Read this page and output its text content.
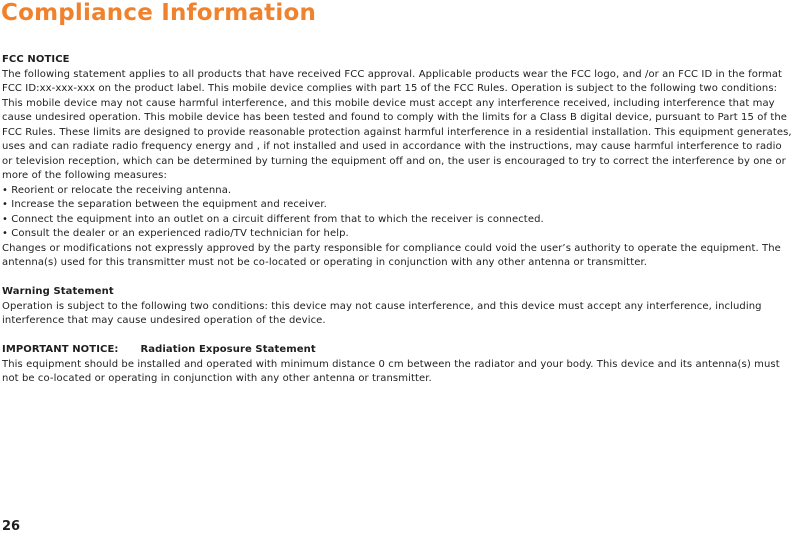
Compliance Information

FCC NOTICE

The following statement applies to all products that have received FCC approval. Applicable products wear the FCC logo, and /or an FCC ID in the format FCC ID:xx-xxx-xxx on the product label. This mobile device complies with part 15 of the FCC Rules. Operation is subject to the following two conditions: This mobile device may not cause harmful interference, and this mobile device must accept any interference received, including interference that may cause undesired operation. This mobile device has been tested and found to comply with the limits for a Class B digital device, pursuant to Part 15 of the FCC Rules. These limits are designed to provide reasonable protection against harmful interference in a residential installation. This equipment generates, uses and can radiate radio frequency energy and , if not installed and used in accordance with the instructions, may cause harmful interference to radio or television reception, which can be determined by turning the equipment off and on, the user is encouraged to try to correct the interference by one or more of the following measures:

• Reorient or relocate the receiving antenna.
• Increase the separation between the equipment and receiver.
• Connect the equipment into an outlet on a circuit different from that to which the receiver is connected.
• Consult the dealer or an experienced radio/TV technician for help.

Changes or modifications not expressly approved by the party responsible for compliance could void the user’s authority to operate the equipment. The antenna(s) used for this transmitter must not be co-located or operating in conjunction with any other antenna or transmitter.

Warning Statement

Operation is subject to the following two conditions: this device may not cause interference, and this device must accept any interference, including interference that may cause undesired operation of the device.

IMPORTANT NOTICE: Radiation Exposure Statement

This equipment should be installed and operated with minimum distance 0 cm between the radiator and your body. This device and its antenna(s) must not be co-located or operating in conjunction with any other antenna or transmitter.

26
